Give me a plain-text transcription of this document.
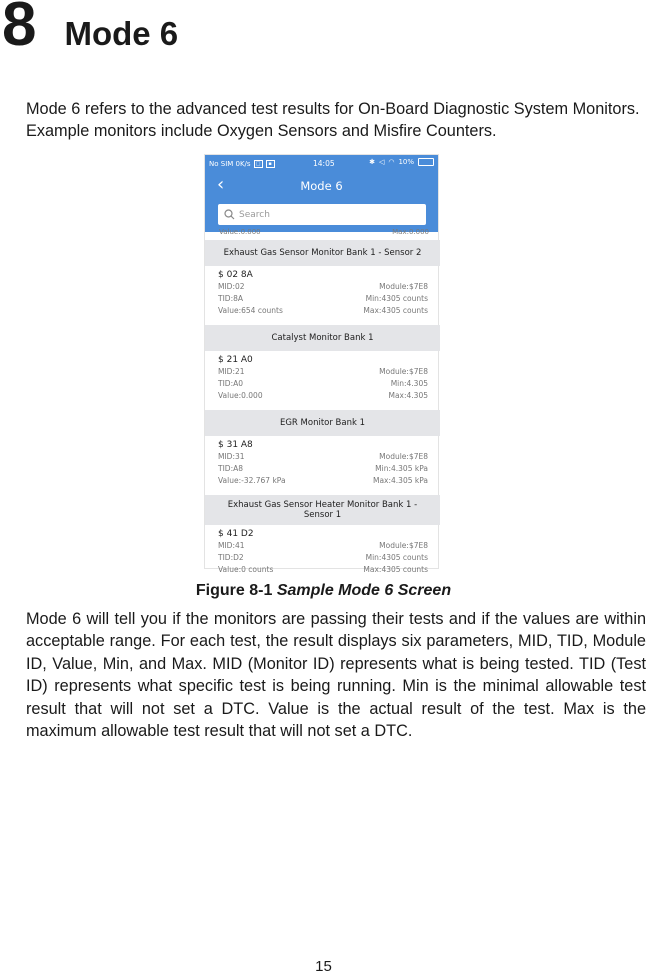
8 Mode 6

Mode 6 refers to the advanced test results for On-Board Diagnostic System Monitors. Example monitors include Oxygen Sensors and Misfire Counters.

No SIM 0K/s	□	▪	14:05	✱ ◁ ◠ 10%
‹	Mode 6
Search
Value:0.000	Max:0.000
Exhaust Gas Sensor Monitor Bank 1 - Sensor 2
$ 02 8A
MID:02	Module:$7E8
TID:8A	Min:4305 counts
Value:654 counts	Max:4305 counts
Catalyst Monitor Bank 1
$ 21 A0
MID:21	Module:$7E8
TID:A0	Min:4.305
Value:0.000	Max:4.305
EGR Monitor Bank 1
$ 31 A8
MID:31	Module:$7E8
TID:A8	Min:4.305 kPa
Value:-32.767 kPa	Max:4.305 kPa
Exhaust Gas Sensor Heater Monitor Bank 1 - Sensor 1
$ 41 D2
MID:41	Module:$7E8
TID:D2	Min:4305 counts
Value:0 counts	Max:4305 counts
Figure 8-1 Sample Mode 6 Screen

Mode 6 will tell you if the monitors are passing their tests and if the values are within acceptable range. For each test, the result displays six parameters, MID, TID, Module ID, Value, Min, and Max. MID (Monitor ID) represents what is being tested. TID (Test ID) represents what specific test is being running. Min is the minimal allowable test result that will not set a DTC. Value is the actual result of the test. Max is the maximum allowable test result that will not set a DTC.

15
